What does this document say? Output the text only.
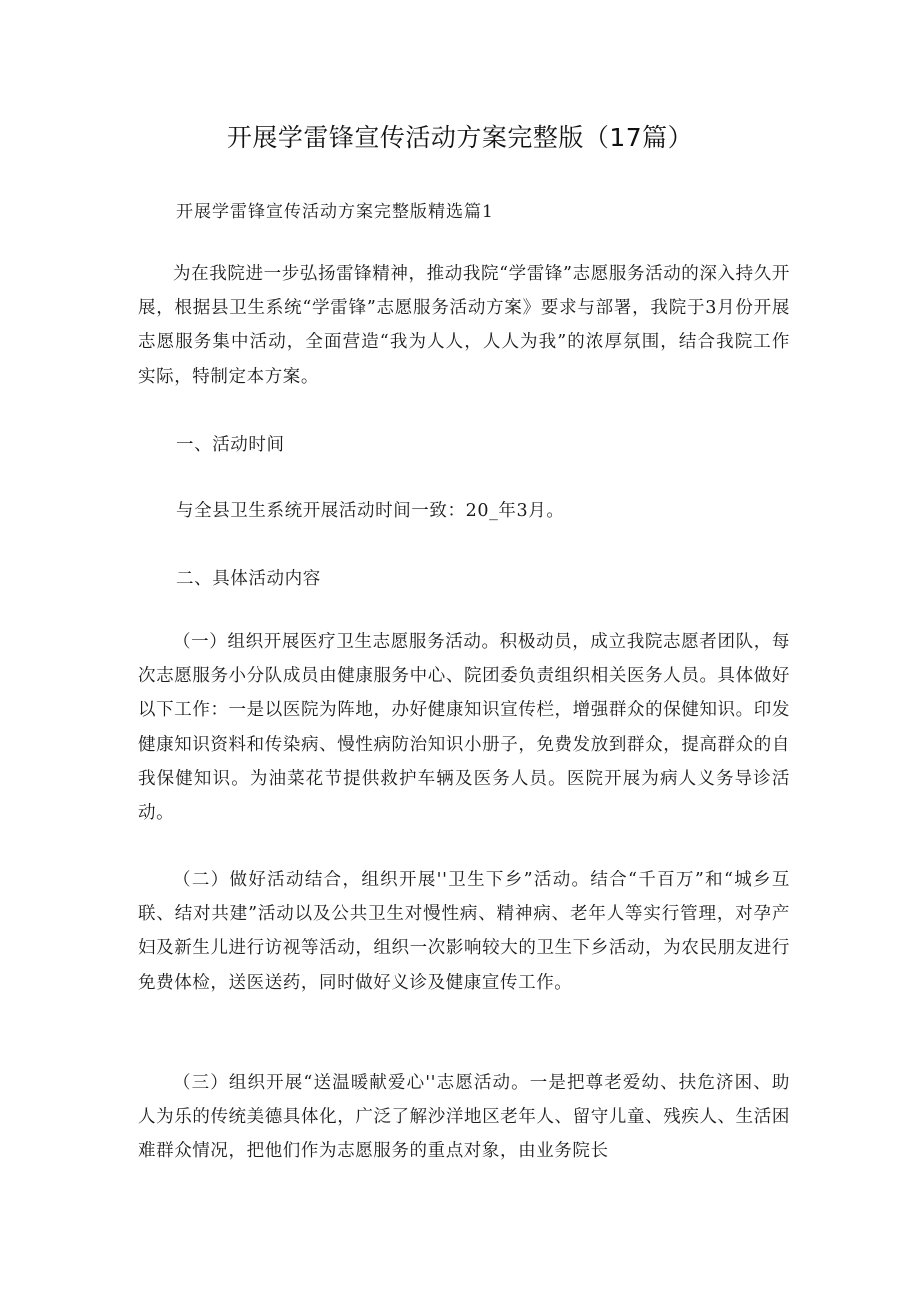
开展学雷锋宣传活动方案完整版（17篇）

开展学雷锋宣传活动方案完整版精选篇1

为在我院进一步弘扬雷锋精神，推动我院“学雷锋”志愿服务活动的深入持久开展，根据县卫生系统“学雷锋”志愿服务活动方案》要求与部署，我院于3月份开展志愿服务集中活动，全面营造“我为人人，人人为我”的浓厚氛围，结合我院工作实际，特制定本方案。

一、活动时间

与全县卫生系统开展活动时间一致：20_年3月。

二、具体活动内容

（一）组织开展医疗卫生志愿服务活动。积极动员，成立我院志愿者团队，每次志愿服务小分队成员由健康服务中心、院团委负责组织相关医务人员。具体做好以下工作：一是以医院为阵地，办好健康知识宣传栏，增强群众的保健知识。印发健康知识资料和传染病、慢性病防治知识小册子，免费发放到群众，提高群众的自我保健知识。为油菜花节提供救护车辆及医务人员。医院开展为病人义务导诊活动。

（二）做好活动结合，组织开展''卫生下乡”活动。结合“千百万”和“城乡互联、结对共建”活动以及公共卫生对慢性病、精神病、老年人等实行管理，对孕产妇及新生儿进行访视等活动，组织一次影响较大的卫生下乡活动，为农民朋友进行免费体检，送医送药，同时做好义诊及健康宣传工作。

（三）组织开展“送温暖献爱心''志愿活动。一是把尊老爱幼、扶危济困、助人为乐的传统美德具体化，广泛了解沙洋地区老年人、留守儿童、残疾人、生活困难群众情况，把他们作为志愿服务的重点对象，由业务院长
